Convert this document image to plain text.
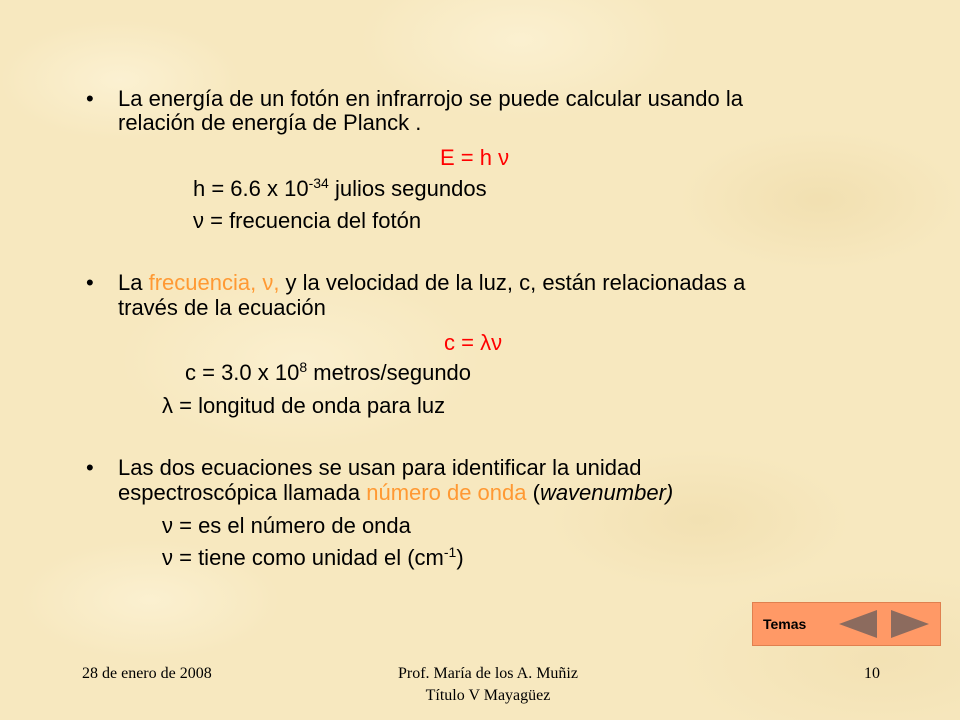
• La energía de un fotón en infrarrojo se puede calcular usando la
relación de energía de Planck .
E = h ν
h = 6.6 x $10^{-34}$ julios segundos
ν = frecuencia del fotón
• La frecuencia, ν, y la velocidad de la luz, c, están relacionadas a
través de la ecuación
c = λν
c = 3.0 x $10^8$ metros/segundo
λ = longitud de onda para luz
• Las dos ecuaciones se usan para identificar la unidad
espectroscópica llamada número de onda (wavenumber)
ν = es el número de onda
ν = tiene como unidad el $(cm^{-1})$
Temas
28 de enero de 2008	Prof. María de los A. Muñiz
Título V Mayagüez
10
